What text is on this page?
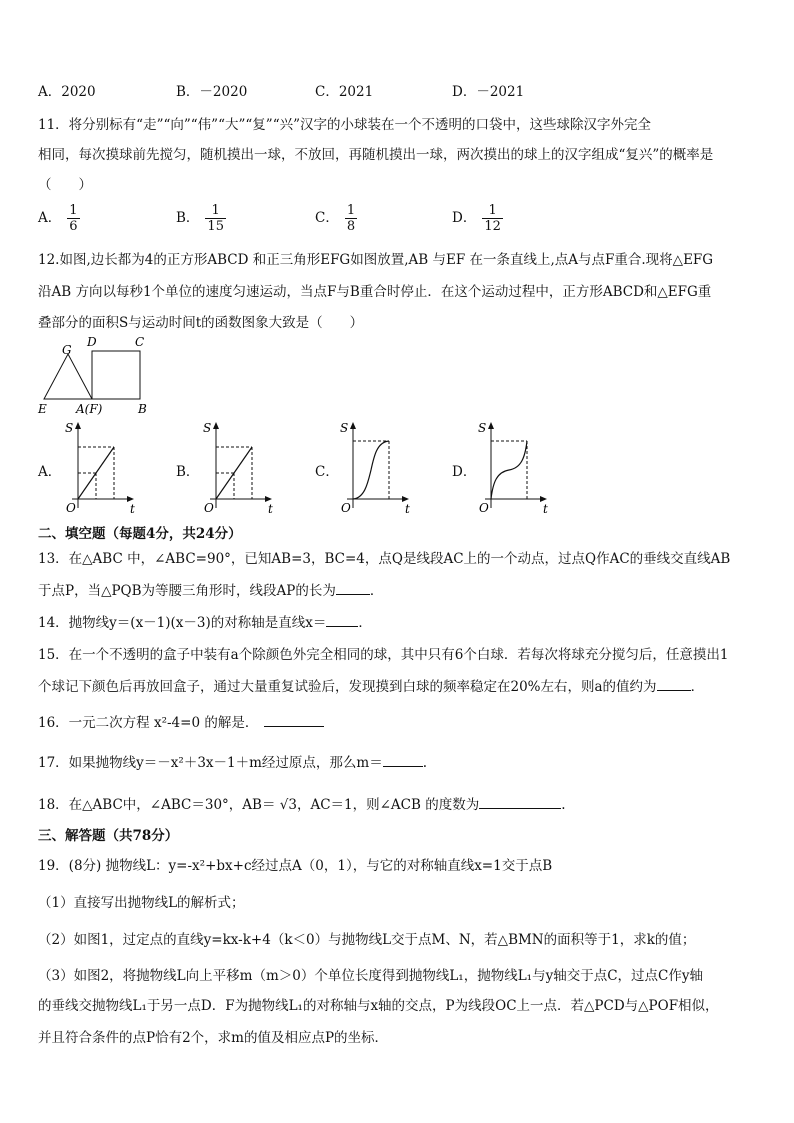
A．2020	B．－2020	C．2021	D．－2021
11．将分别标有“走”“向”“伟”“大”“复”“兴”汉字的小球装在一个不透明的口袋中，这些球除汉字外完全
相同，每次摸球前先搅匀，随机摸出一球，不放回，再随机摸出一球，两次摸出的球上的汉字组成“复兴”的概率是
（　　）
A． $\frac{1}{6}$	B． $\frac{1}{15}$	C． $\frac{1}{8}$	D． $\frac{1}{12}$
12.如图,边长都为4的正方形ABCD 和正三角形EFG如图放置,AB 与EF 在一条直线上,点A与点F重合.现将△EFG
沿AB 方向以每秒1个单位的速度匀速运动，当点F与B重合时停止．在这个运动过程中，正方形ABCD和△EFG重
叠部分的面积S与运动时间t的函数图象大致是（　　）
G
D	C
E A(F)	B
A．
S
O	t
B．
S
O	t
C．
S
O	t
D．
S
O	t
二、填空题（每题4分，共24分）
13．在△ABC 中，∠ABC=90°，已知AB=3，BC=4，点Q是线段AC上的一个动点，过点Q作AC的垂线交直线AB
于点P，当△PQB为等腰三角形时，线段AP的长为	．
14．抛物线y＝(x－1)(x－3)的对称轴是直线x＝ ．
15．在一个不透明的盒子中装有a个除颜色外完全相同的球，其中只有6个白球．若每次将球充分搅匀后，任意摸出1
个球记下颜色后再放回盒子，通过大量重复试验后，发现摸到白球的频率稳定在20%左右，则a的值约为	．
16．一元二次方程 x²-4=0 的解是．
17．如果抛物线y＝－x²＋3x－1＋m经过原点，那么m＝	.
18．在△ABC中，∠ABC＝30°，AB＝ √3，AC＝1，则∠ACB 的度数为	.
三、解答题（共78分）
19．(8分) 抛物线L：y=-x²+bx+c经过点A（0，1），与它的对称轴直线x=1交于点B
（1）直接写出抛物线L的解析式；
（2）如图1，过定点的直线y=kx-k+4（k＜0）与抛物线L交于点M、N，若△BMN的面积等于1，求k的值；
（3）如图2，将抛物线L向上平移m（m＞0）个单位长度得到抛物线L₁，抛物线L₁与y轴交于点C，过点C作y轴
的垂线交抛物线L₁于另一点D．F为抛物线L₁的对称轴与x轴的交点，P为线段OC上一点．若△PCD与△POF相似，
并且符合条件的点P恰有2个，求m的值及相应点P的坐标．
